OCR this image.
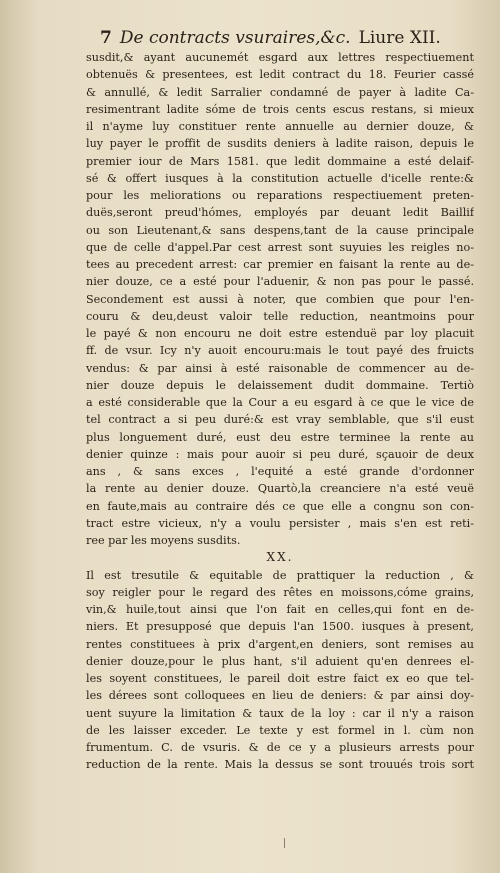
7 De contracts vsuraires,&c. Liure XII.
susdit,& ayant aucunemét esgard aux lettres respectiuement
obtenuës & presentees, est ledit contract du 18. Feurier cassé
& annullé, & ledit Sarralier condamné de payer à ladite Ca-
resimentrant ladite sóme de trois cents escus restans, si mieux
il n'ayme luy constituer rente annuelle au dernier douze, &
luy payer le proffit de susdits deniers à ladite raison, depuis le
premier iour de Mars 1581. que ledit dommaine a esté delaif-
sé & offert iusques à la constitution actuelle d'icelle rente:&
pour les meliorations ou reparations respectiuement preten-
duës,seront preud'hómes, employés par deuant ledit Baillif
ou son Lieutenant,& sans despens,tant de la cause principale
que de celle d'appel.Par cest arrest sont suyuies les reigles no-
tees au precedent arrest: car premier en faisant la rente au de-
nier douze, ce a esté pour l'aduenir, & non pas pour le passé.
Secondement est aussi à noter, que combien que pour l'en-
couru & deu,deust valoir telle reduction, neantmoins pour
le payé & non encouru ne doit estre estenduë par loy placuit
ff. de vsur. Icy n'y auoit encouru:mais le tout payé des fruicts
vendus: & par ainsi à esté raisonable de commencer au de-
nier douze depuis le delaissement dudit dommaine. Tertiò
a esté considerable que la Cour a eu esgard à ce que le vice de
tel contract a si peu duré:& est vray semblable, que s'il eust
plus longuement duré, eust deu estre terminee la rente au
denier quinze : mais pour auoir si peu duré, sçauoir de deux
ans , & sans exces , l'equité a esté grande d'ordonner
la rente au denier douze. Quartò,la creanciere n'a esté veuë
en faute,mais au contraire dés ce que elle a congnu son con-
tract estre vicieux, n'y a voulu persister , mais s'en est reti-
ree par les moyens susdits.
XX.
Il est tresutile & equitable de prattiquer la reduction , &
soy reigler pour le regard des rêtes en moissons,cóme grains,
vin,& huile,tout ainsi que l'on fait en celles,qui font en de-
niers. Et presupposé que depuis l'an 1500. iusques à present,
rentes constituees à prix d'argent,en deniers, sont remises au
denier douze,pour le plus hant, s'il aduient qu'en denrees el-
les soyent constituees, le pareil doit estre faict ex eo que tel-
les dérees sont colloquees en lieu de deniers: & par ainsi doy-
uent suyure la limitation & taux de la loy : car il n'y a raison
de les laisser exceder. Le texte y est formel in l. cùm non
frumentum. C. de vsuris. & de ce y a plusieurs arrests pour
reduction de la rente. Mais la dessus se sont trouués trois sort
